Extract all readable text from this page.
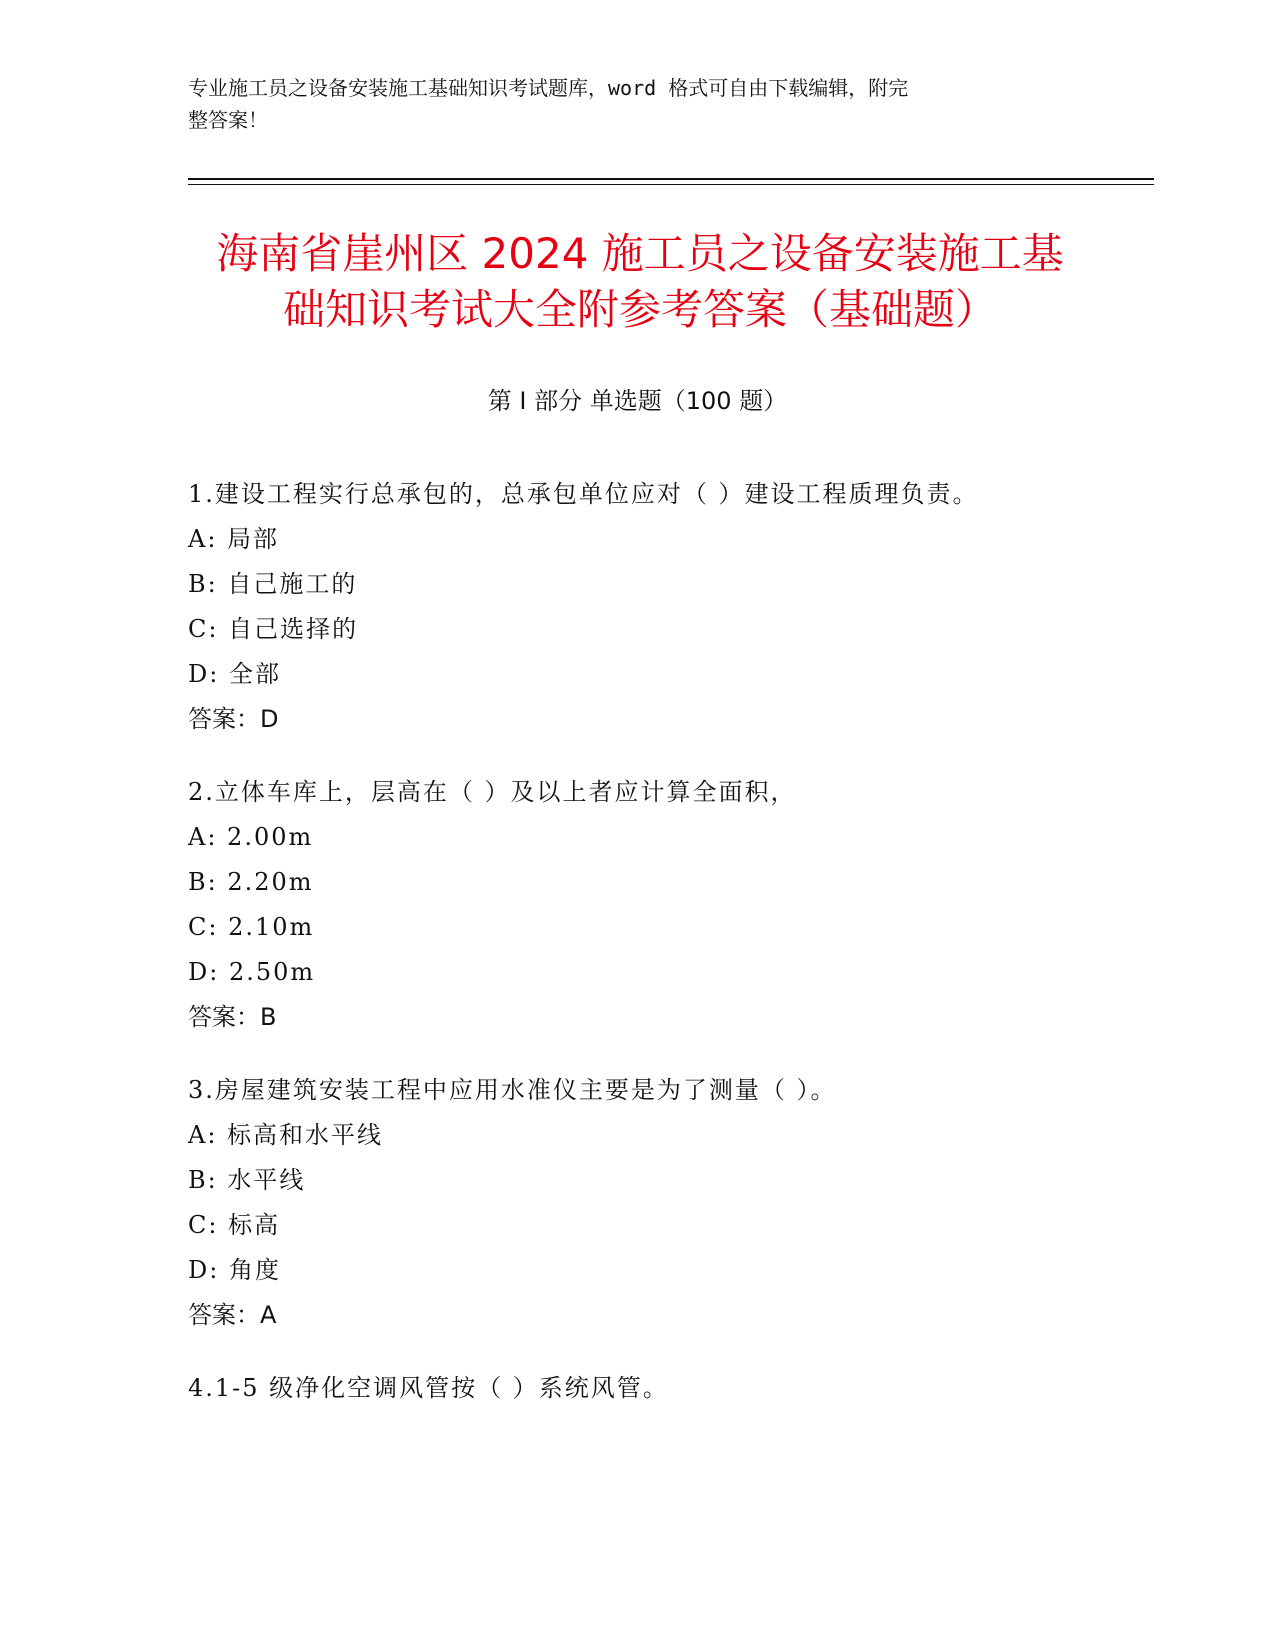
专业施工员之设备安装施工基础知识考试题库，word 格式可自由下载编辑，附完
整答案！
海南省崖州区 2024 施工员之设备安装施工基
础知识考试大全附参考答案（基础题）
第 I 部分 单选题（100 题）
1.建设工程实行总承包的，总承包单位应对（ ）建设工程质理负责。
A: 局部
B: 自己施工的
C: 自己选择的
D: 全部
答案：D
2.立体车库上，层高在（ ）及以上者应计算全面积，
A: 2.00m
B: 2.20m
C: 2.10m
D: 2.50m
答案：B
3.房屋建筑安装工程中应用水准仪主要是为了测量（ ）。
A: 标高和水平线
B: 水平线
C: 标高
D: 角度
答案：A
4.1-5 级净化空调风管按（ ）系统风管。
